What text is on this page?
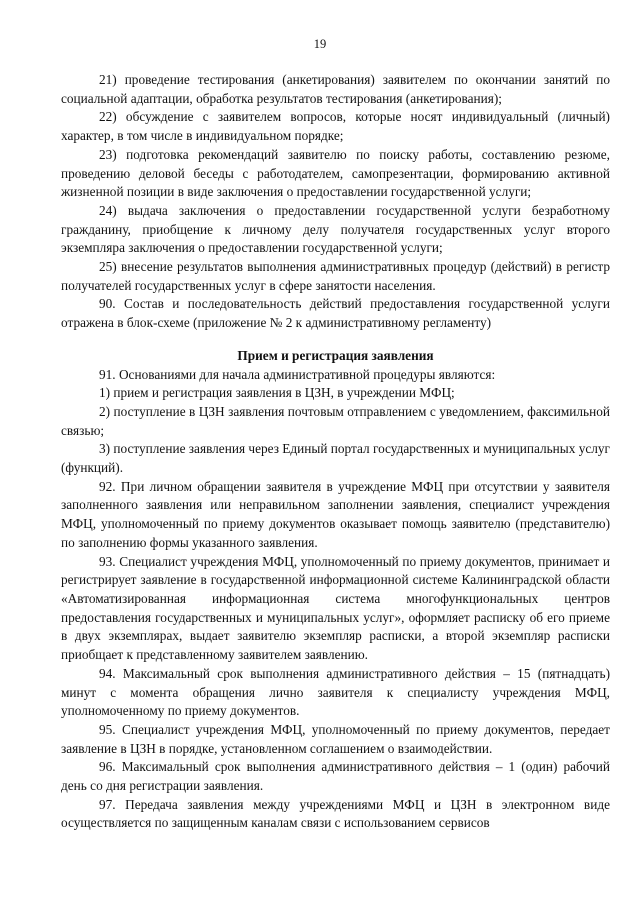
19

21) проведение тестирования (анкетирования) заявителем по окончании занятий по социальной адаптации, обработка результатов тестирования (анкетирования);

22) обсуждение с заявителем вопросов, которые носят индивидуальный (личный) характер, в том числе в индивидуальном порядке;

23) подготовка рекомендаций заявителю по поиску работы, составлению резюме, проведению деловой беседы с работодателем, самопрезентации, формированию активной жизненной позиции в виде заключения о предоставлении государственной услуги;

24) выдача заключения о предоставлении государственной услуги безработному гражданину, приобщение к личному делу получателя государственных услуг второго экземпляра заключения о предоставлении государственной услуги;

25) внесение результатов выполнения административных процедур (действий) в регистр получателей государственных услуг в сфере занятости населения.

90. Состав и последовательность действий предоставления государственной услуги отражена в блок-схеме (приложение № 2 к административному регламенту)

Прием и регистрация заявления

91. Основаниями для начала административной процедуры являются:

1) прием и регистрация заявления в ЦЗН, в учреждении МФЦ;

2) поступление в ЦЗН заявления почтовым отправлением с уведомлением, факсимильной связью;

3) поступление заявления через Единый портал государственных и муниципальных услуг (функций).

92. При личном обращении заявителя в учреждение МФЦ при отсутствии у заявителя заполненного заявления или неправильном заполнении заявления, специалист учреждения МФЦ, уполномоченный по приему документов оказывает помощь заявителю (представителю) по заполнению формы указанного заявления.

93. Специалист учреждения МФЦ, уполномоченный по приему документов, принимает и регистрирует заявление в государственной информационной системе Калининградской области «Автоматизированная информационная система многофункциональных центров предоставления государственных и муниципальных услуг», оформляет расписку об его приеме в двух экземплярах, выдает заявителю экземпляр расписки, а второй экземпляр расписки приобщает к представленному заявителем заявлению.

94. Максимальный срок выполнения административного действия – 15 (пятнадцать) минут с момента обращения лично заявителя к специалисту учреждения МФЦ, уполномоченному по приему документов.

95. Специалист учреждения МФЦ, уполномоченный по приему документов, передает заявление в ЦЗН в порядке, установленном соглашением о взаимодействии.

96. Максимальный срок выполнения административного действия – 1 (один) рабочий день со дня регистрации заявления.

97. Передача заявления между учреждениями МФЦ и ЦЗН в электронном виде осуществляется по защищенным каналам связи с использованием сервисов
